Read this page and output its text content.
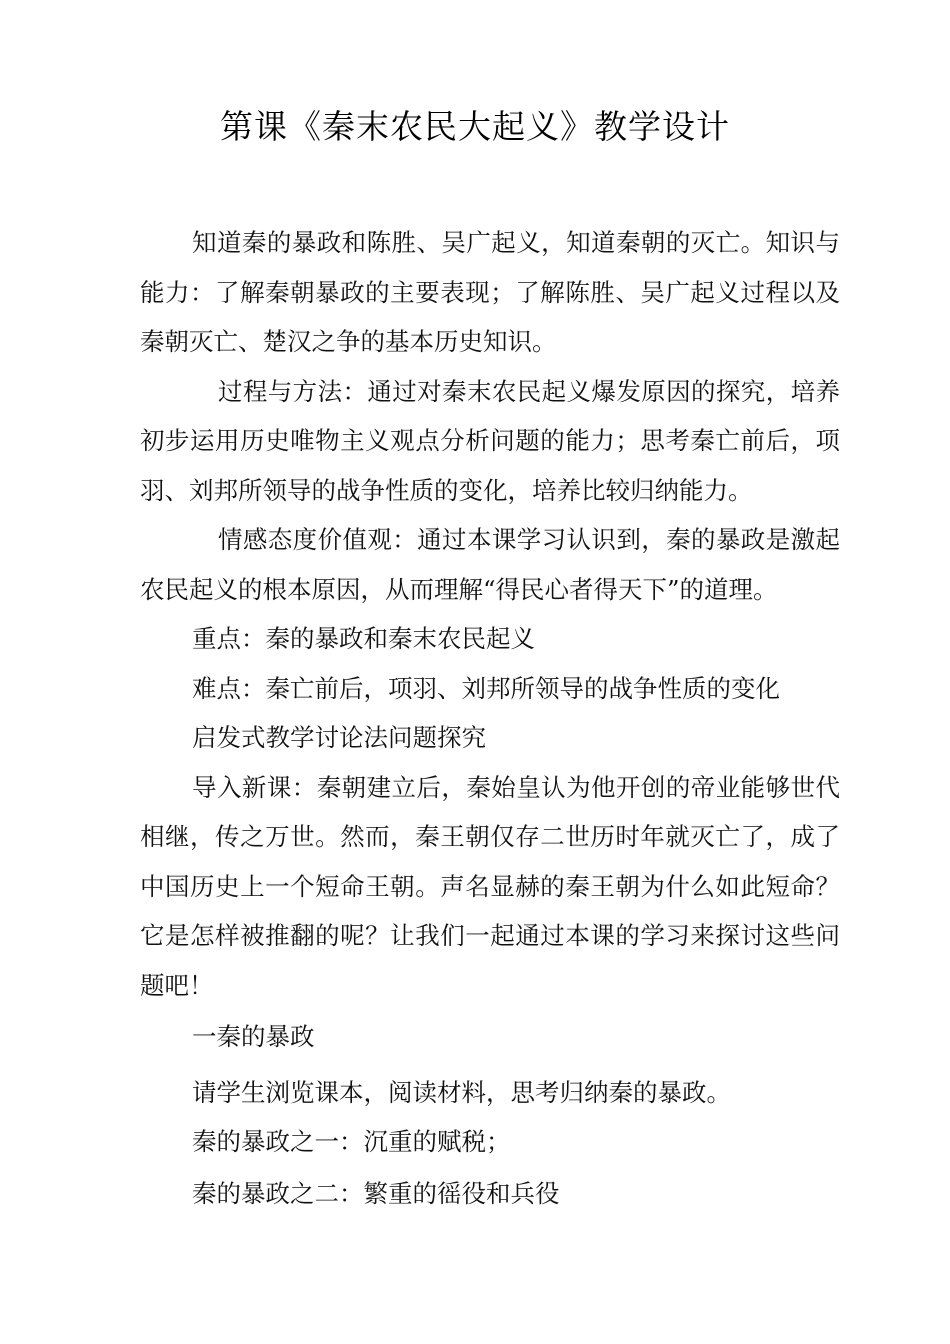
第课《秦末农民大起义》教学设计

知道秦的暴政和陈胜、吴广起义，知道秦朝的灭亡。知识与能力：了解秦朝暴政的主要表现；了解陈胜、吴广起义过程以及秦朝灭亡、楚汉之争的基本历史知识。

过程与方法：通过对秦末农民起义爆发原因的探究，培养初步运用历史唯物主义观点分析问题的能力；思考秦亡前后，项羽、刘邦所领导的战争性质的变化，培养比较归纳能力。

情感态度价值观：通过本课学习认识到，秦的暴政是激起农民起义的根本原因，从而理解“得民心者得天下”的道理。

重点：秦的暴政和秦末农民起义

难点：秦亡前后，项羽、刘邦所领导的战争性质的变化

启发式教学讨论法问题探究

导入新课：秦朝建立后，秦始皇认为他开创的帝业能够世代相继，传之万世。然而，秦王朝仅存二世历时年就灭亡了，成了中国历史上一个短命王朝。声名显赫的秦王朝为什么如此短命？它是怎样被推翻的呢？让我们一起通过本课的学习来探讨这些问题吧！

一秦的暴政

请学生浏览课本，阅读材料，思考归纳秦的暴政。

秦的暴政之一：沉重的赋税；

秦的暴政之二：繁重的徭役和兵役
